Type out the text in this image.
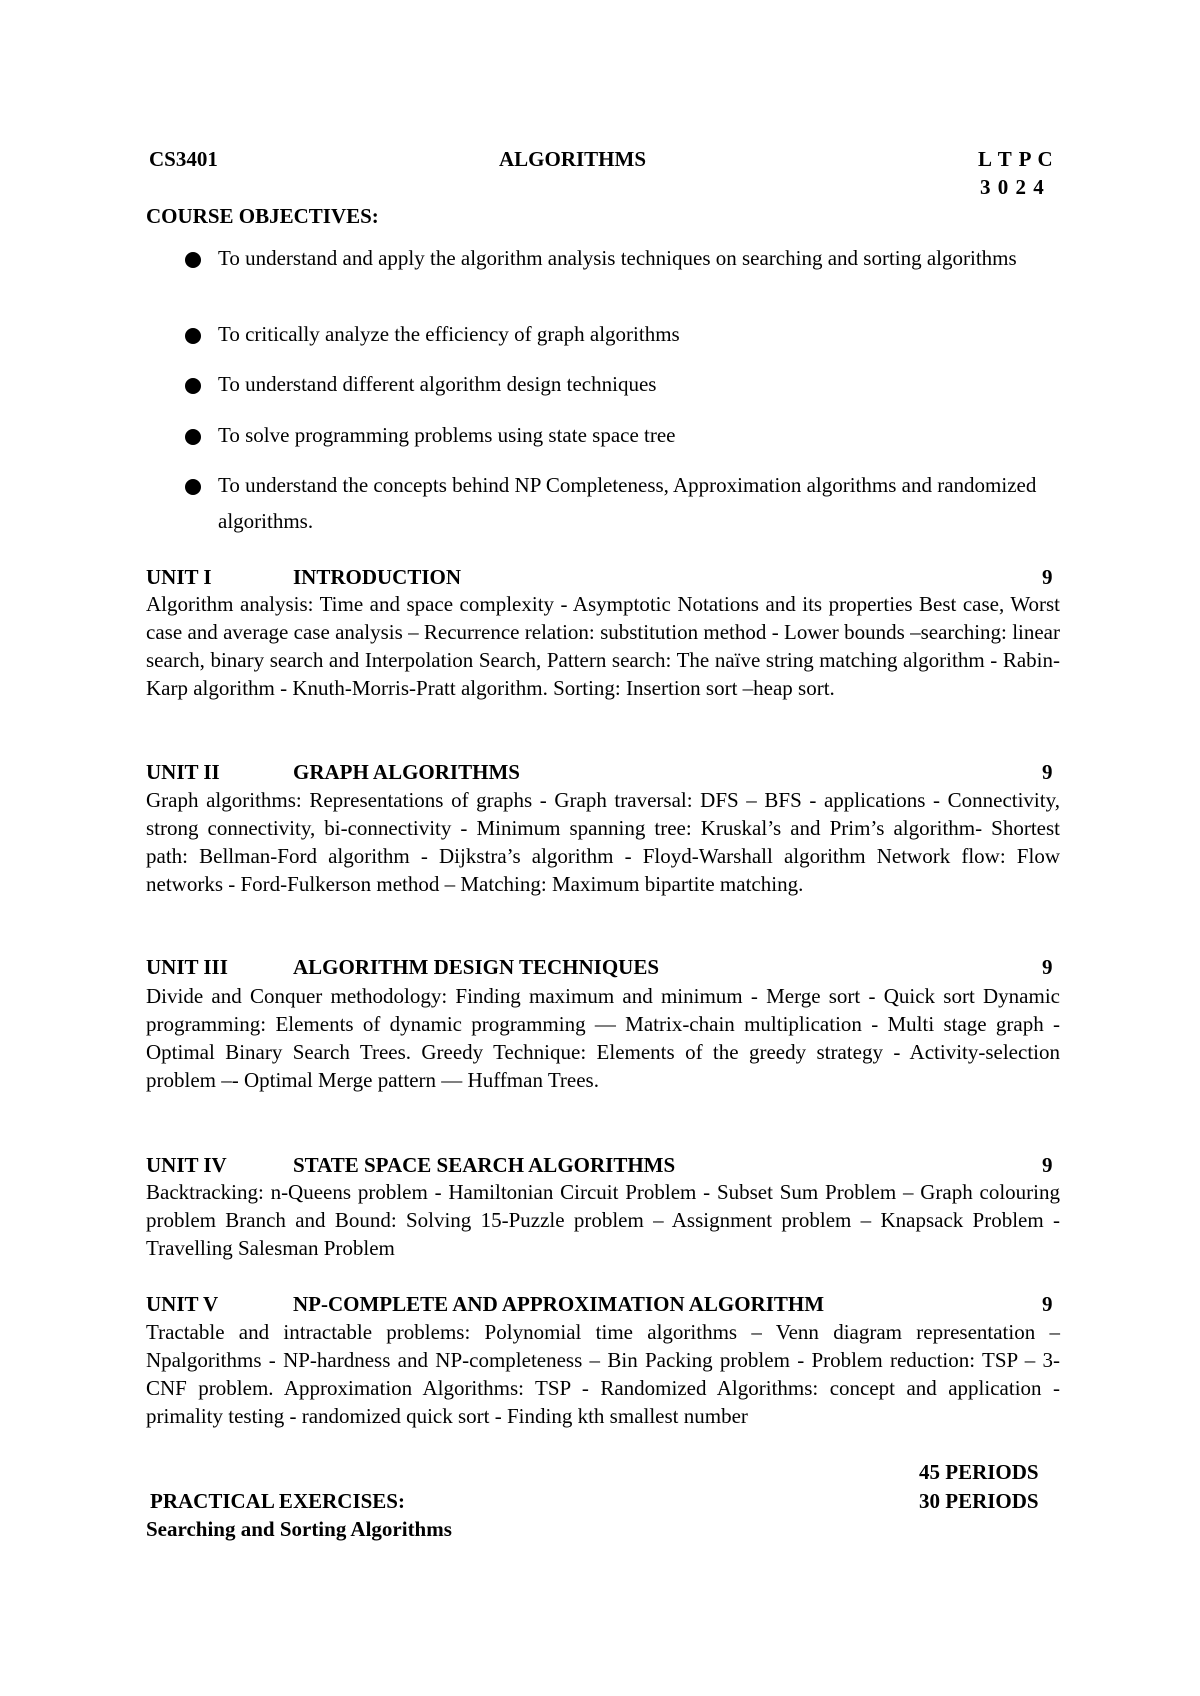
CS3401	ALGORITHMS	L T P C
3 0 2 4
COURSE OBJECTIVES:
To understand and apply the algorithm analysis techniques on searching and sorting algorithms
To critically analyze the efficiency of graph algorithms
To understand different algorithm design techniques
To solve programming problems using state space tree
To understand the concepts behind NP Completeness, Approximation algorithms and randomized algorithms.
UNIT I	INTRODUCTION	9
Algorithm analysis: Time and space complexity - Asymptotic Notations and its properties Best case, Worst case and average case analysis – Recurrence relation: substitution method - Lower bounds –searching: linear search, binary search and Interpolation Search, Pattern search: The naïve string matching algorithm - Rabin-Karp algorithm - Knuth-Morris-Pratt algorithm. Sorting: Insertion sort –heap sort.
UNIT II	GRAPH ALGORITHMS	9
Graph algorithms: Representations of graphs - Graph traversal: DFS – BFS - applications - Connectivity, strong connectivity, bi-connectivity - Minimum spanning tree: Kruskal’s and Prim’s algorithm- Shortest path: Bellman-Ford algorithm - Dijkstra’s algorithm - Floyd-Warshall algorithm Network flow: Flow networks - Ford-Fulkerson method – Matching: Maximum bipartite matching.
UNIT III	ALGORITHM DESIGN TECHNIQUES	9
Divide and Conquer methodology: Finding maximum and minimum - Merge sort - Quick sort Dynamic programming: Elements of dynamic programming — Matrix-chain multiplication - Multi stage graph - Optimal Binary Search Trees. Greedy Technique: Elements of the greedy strategy - Activity-selection problem –- Optimal Merge pattern — Huffman Trees.
UNIT IV	STATE SPACE SEARCH ALGORITHMS	9
Backtracking: n-Queens problem - Hamiltonian Circuit Problem - Subset Sum Problem – Graph colouring problem Branch and Bound: Solving 15-Puzzle problem – Assignment problem – Knapsack Problem - Travelling Salesman Problem
UNIT V	NP-COMPLETE AND APPROXIMATION ALGORITHM	9
Tractable and intractable problems: Polynomial time algorithms – Venn diagram representation – Npalgorithms - NP-hardness and NP-completeness – Bin Packing problem - Problem reduction: TSP – 3-CNF problem. Approximation Algorithms: TSP - Randomized Algorithms: concept and application - primality testing - randomized quick sort - Finding kth smallest number
45 PERIODS
PRACTICAL EXERCISES:	30 PERIODS
Searching and Sorting Algorithms
